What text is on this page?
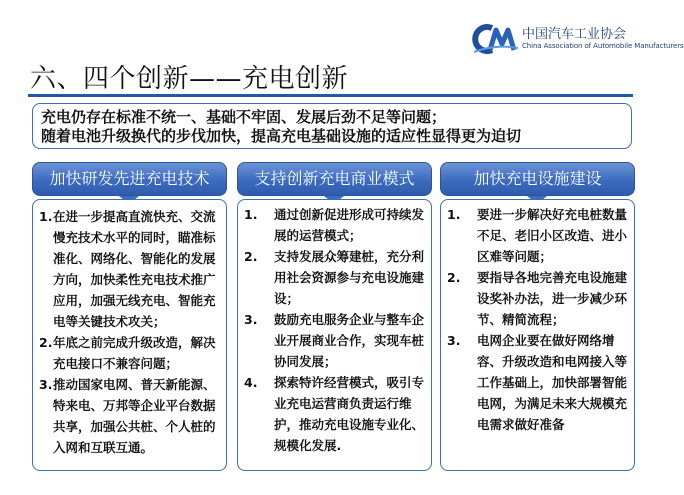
中国汽车工业协会
China Association of Automobile Manufacturers
六、四个创新——充电创新
充电仍存在标准不统一、基础不牢固、发展后劲不足等问题；
随着电池升级换代的步伐加快，提高充电基础设施的适应性显得更为迫切
加快研发先进充电技术
1. 在进一步提高直流快充、交流慢充技术水平的同时，瞄准标准化、网络化、智能化的发展方向，加快柔性充电技术推广应用，加强无线充电、智能充电等关键技术攻关；
2. 年底之前完成升级改造，解决充电接口不兼容问题；
3. 推动国家电网、普天新能源、特来电、万邦等企业平台数据共享，加强公共桩、个人桩的入网和互联互通。
支持创新充电商业模式
1. 通过创新促进形成可持续发展的运营模式；
2. 支持发展众筹建桩，充分利用社会资源参与充电设施建设；
3. 鼓励充电服务企业与整车企业开展商业合作，实现车桩协同发展；
4. 探索特许经营模式，吸引专业充电运营商负责运行维护，推动充电设施专业化、规模化发展.
加快充电设施建设
1. 要进一步解决好充电桩数量不足、老旧小区改造、进小区难等问题；
2. 要指导各地完善充电设施建设奖补办法，进一步减少环节、精简流程；
3. 电网企业要在做好网络增容、升级改造和电网接入等工作基础上，加快部署智能电网，为满足未来大规模充电需求做好准备
